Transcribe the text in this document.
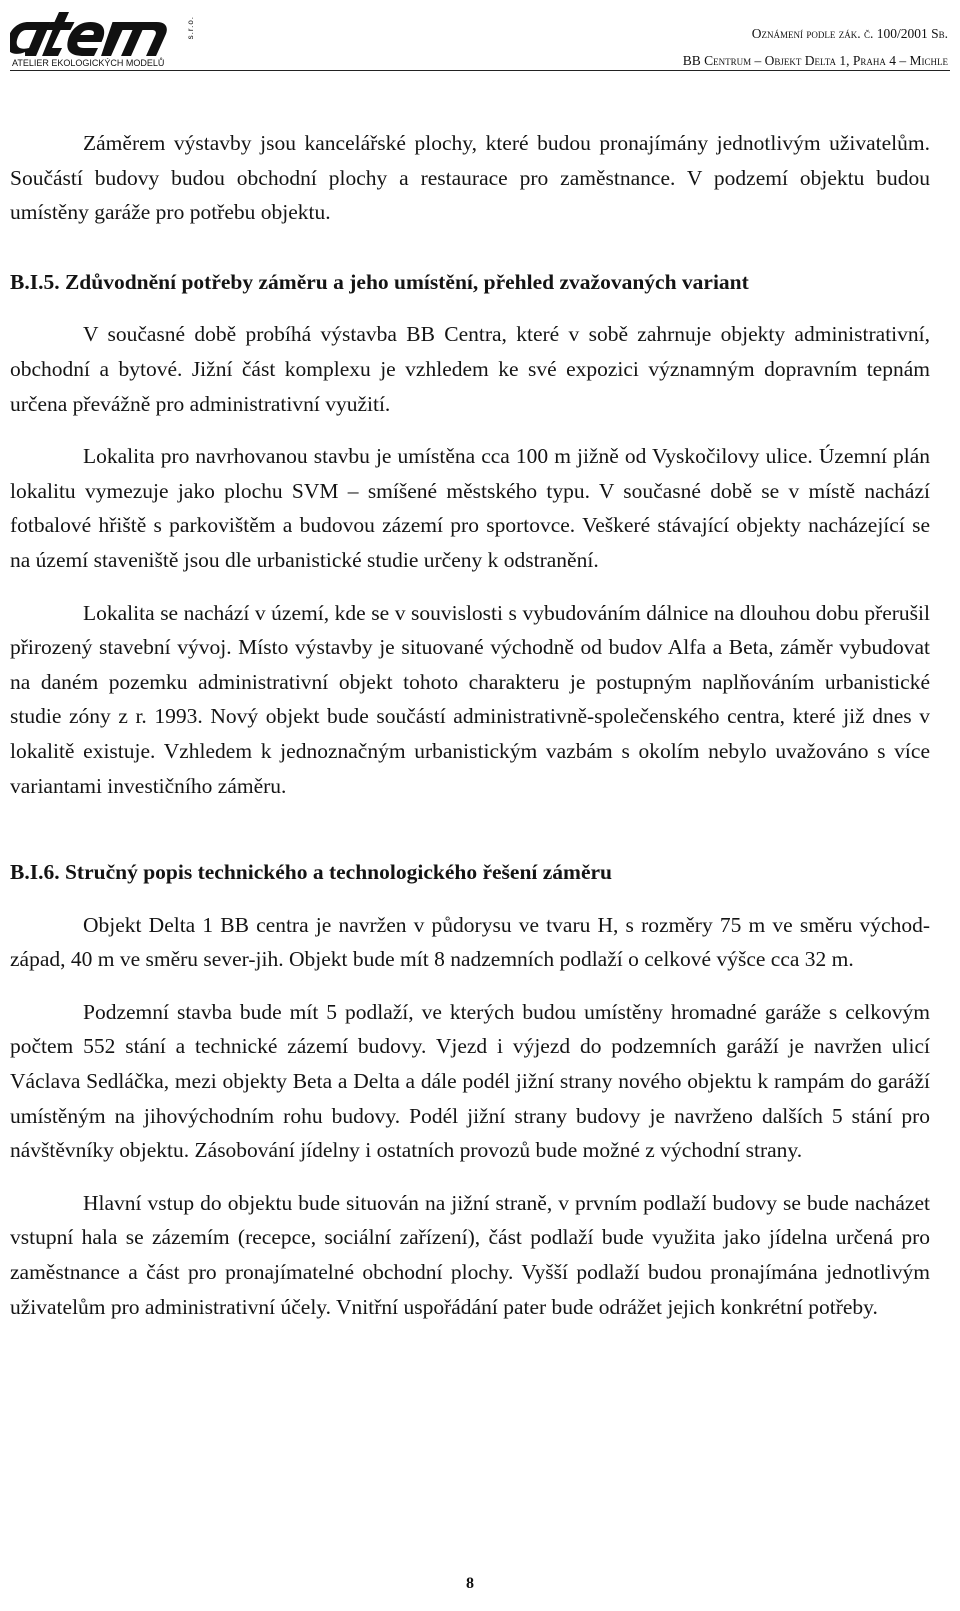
s.r.o.
ATELIER EKOLOGICKÝCH MODELŮ
Oznámení podle zák. č. 100/2001 Sb.
BB Centrum – Objekt Delta 1, Praha 4 – Michle

Záměrem výstavby jsou kancelářské plochy, které budou pronajímány jednotlivým uživatelům. Součástí budovy budou obchodní plochy a restaurace pro zaměstnance. V podzemí objektu budou umístěny garáže pro potřebu objektu.

B.I.5. Zdůvodnění potřeby záměru a jeho umístění, přehled zvažovaných variant

V současné době probíhá výstavba BB Centra, které v sobě zahrnuje objekty administrativní, obchodní a bytové. Jižní část komplexu je vzhledem ke své expozici významným dopravním tepnám určena převážně pro administrativní využití.

Lokalita pro navrhovanou stavbu je umístěna cca 100 m jižně od Vyskočilovy ulice. Územní plán lokalitu vymezuje jako plochu SVM – smíšené městského typu. V současné době se v místě nachází fotbalové hřiště s parkovištěm a budovou zázemí pro sportovce. Veškeré stávající objekty nacházející se na území staveniště jsou dle urbanistické studie určeny k odstranění.

Lokalita se nachází v území, kde se v souvislosti s vybudováním dálnice na dlouhou dobu přerušil přirozený stavební vývoj. Místo výstavby je situované východně od budov Alfa a Beta, záměr vybudovat na daném pozemku administrativní objekt tohoto charakteru je postupným naplňováním urbanistické studie zóny z r. 1993. Nový objekt bude součástí administrativně-společenského centra, které již dnes v lokalitě existuje. Vzhledem k jednoznačným urbanistickým vazbám s okolím nebylo uvažováno s více variantami investičního záměru.

B.I.6. Stručný popis technického a technologického řešení záměru

Objekt Delta 1 BB centra je navržen v půdorysu ve tvaru H, s rozměry 75 m ve směru východ-západ, 40 m ve směru sever-jih. Objekt bude mít 8 nadzemních podlaží o celkové výšce cca 32 m.

Podzemní stavba bude mít 5 podlaží, ve kterých budou umístěny hromadné garáže s celkovým počtem 552 stání a technické zázemí budovy. Vjezd i výjezd do podzemních garáží je navržen ulicí Václava Sedláčka, mezi objekty Beta a Delta a dále podél jižní strany nového objektu k rampám do garáží umístěným na jihovýchodním rohu budovy. Podél jižní strany budovy je navrženo dalších 5 stání pro návštěvníky objektu. Zásobování jídelny i ostatních provozů bude možné z východní strany.

Hlavní vstup do objektu bude situován na jižní straně, v prvním podlaží budovy se bude nacházet vstupní hala se zázemím (recepce, sociální zařízení), část podlaží bude využita jako jídelna určená pro zaměstnance a část pro pronajímatelné obchodní plochy. Vyšší podlaží budou pronajímána jednotlivým uživatelům pro administrativní účely. Vnitřní uspořádání pater bude odrážet jejich konkrétní potřeby.

8
